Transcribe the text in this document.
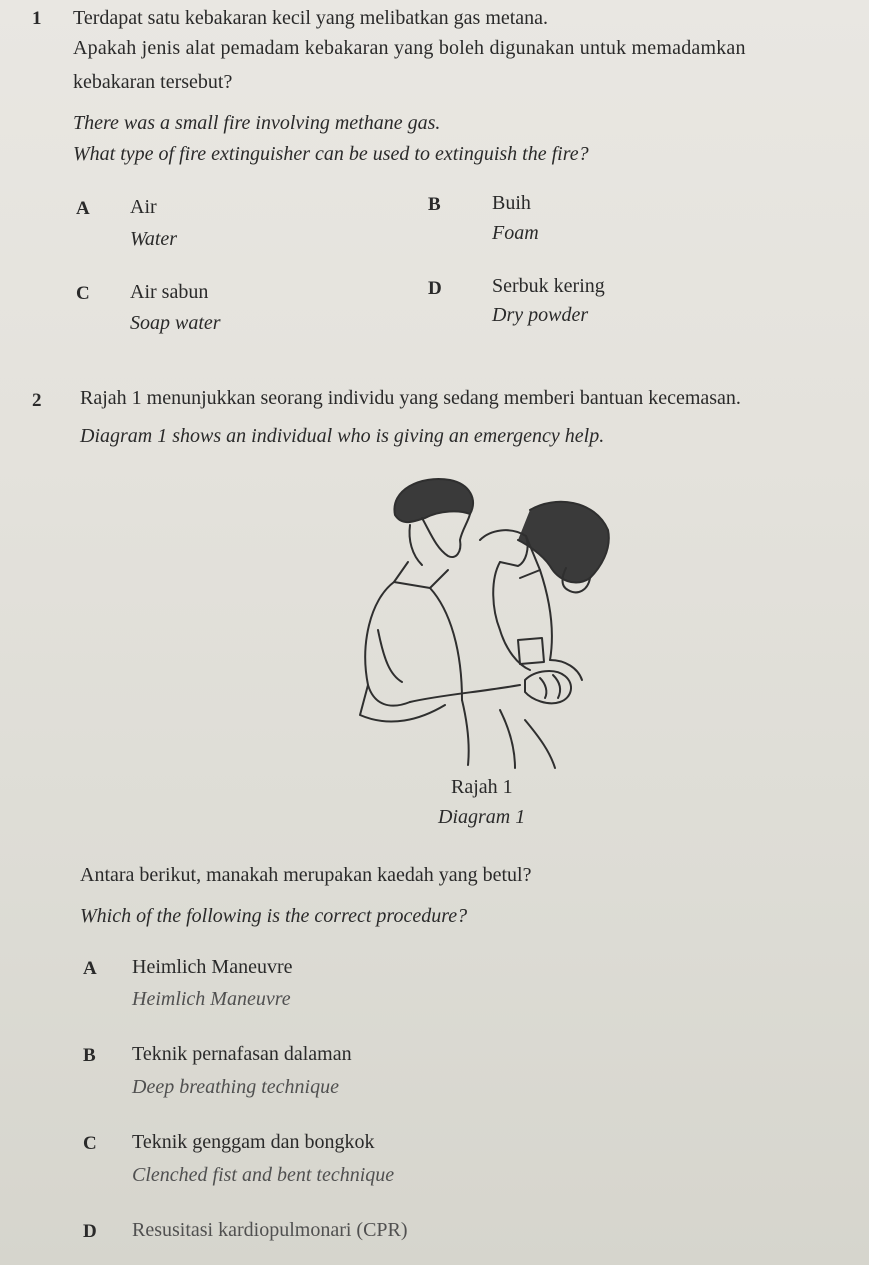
1 Terdapat satu kebakaran kecil yang melibatkan gas metana.
Apakah jenis alat pemadam kebakaran yang boleh digunakan untuk memadamkan
kebakaran tersebut?
There was a small fire involving methane gas.
What type of fire extinguisher can be used to extinguish the fire?
A Air
Water
B	Buih
Foam
C Air sabun
Soap water
D	Serbuk kering
Dry powder
2 Rajah 1 menunjukkan seorang individu yang sedang memberi bantuan kecemasan.
Diagram 1 shows an individual who is giving an emergency help.
Rajah 1
Diagram 1
Antara berikut, manakah merupakan kaedah yang betul?
Which of the following is the correct procedure?
A Heimlich Maneuvre
Heimlich Maneuvre
B Teknik pernafasan dalaman
Deep breathing technique
C Teknik genggam dan bongkok
Clenched fist and bent technique
D Resusitasi kardiopulmonari (CPR)
